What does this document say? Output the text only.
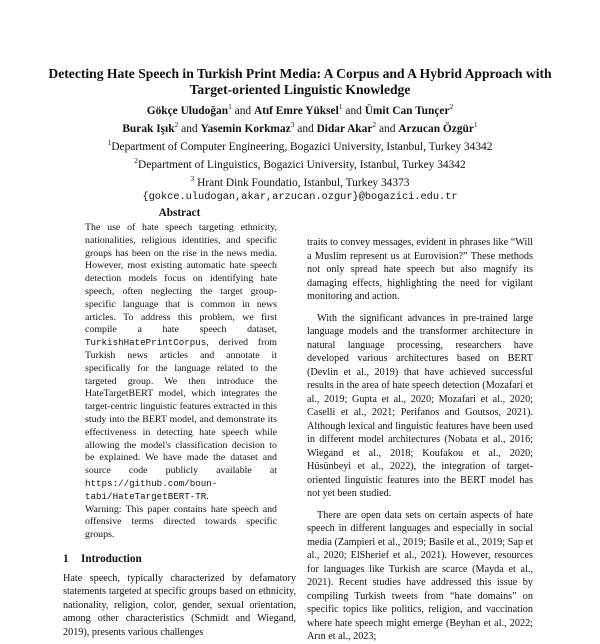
Detecting Hate Speech in Turkish Print Media: A Corpus and A Hybrid Approach with Target-oriented Linguistic Knowledge
Gökçe Uludoğan$^1$ and Atıf Emre Yüksel$^1$ and Ümit Can Tunçer$^2$
Burak Işık$^2$ and Yasemin Korkmaz$^3$ and Didar Akar$^2$ and Arzucan Özgür$^1$
$^1$Department of Computer Engineering, Bogazici University, Istanbul, Turkey 34342
$^2$Department of Linguistics, Bogazici University, Istanbul, Turkey 34342
$^3$ Hrant Dink Foundatio, Istanbul, Turkey 34373
{gokce.uludogan,akar,arzucan.ozgur}@bogazici.edu.tr
Abstract

The use of hate speech targeting ethnicity, nationalities, religious identities, and specific groups has been on the rise in the news media. However, most existing automatic hate speech detection models focus on identifying hate speech, often neglecting the target group-specific language that is common in news articles. To address this problem, we first compile a hate speech dataset, TurkishHatePrintCorpus, derived from Turkish news articles and annotate it specifically for the language related to the targeted group. We then introduce the HateTargetBERT model, which integrates the target-centric linguistic features extracted in this study into the BERT model, and demonstrate its effectiveness in detecting hate speech while allowing the model's classification decision to be explained. We have made the dataset and source code publicly available at https://github.com/boun-tabi/HateTargetBERT-TR.

Warning: This paper contains hate speech and offensive terms directed towards specific groups.

1 Introduction

Hate speech, typically characterized by defamatory statements targeted at specific groups based on ethnicity, nationality, religion, color, gender, sexual orientation, among other characteristics (Schmidt and Wiegand, 2019), presents various challenges

traits to convey messages, evident in phrases like “Will a Muslim represent us at Eurovision?” These methods not only spread hate speech but also magnify its damaging effects, highlighting the need for vigilant monitoring and action.

With the significant advances in pre-trained large language models and the transformer architecture in natural language processing, researchers have developed various architectures based on BERT (Devlin et al., 2019) that have achieved successful results in the area of hate speech detection (Mozafari et al., 2019; Gupta et al., 2020; Mozafari et al., 2020; Caselli et al., 2021; Perifanos and Goutsos, 2021). Although lexical and linguistic features have been used in different model architectures (Nobata et al., 2016; Wiegand et al., 2018; Koufakou et al., 2020; Hüsünbeyi et al., 2022), the integration of target-oriented linguistic features into the BERT model has not yet been studied.

There are open data sets on certain aspects of hate speech in different languages and especially in social media (Zampieri et al., 2019; Basile et al., 2019; Sap et al., 2020; ElSherief et al., 2021). However, resources for languages like Turkish are scarce (Mayda et al., 2021). Recent studies have addressed this issue by compiling Turkish tweets from “hate domains” on specific topics like politics, religion, and vaccination where hate speech might emerge (Beyhan et al., 2022; Arın et al., 2023;
